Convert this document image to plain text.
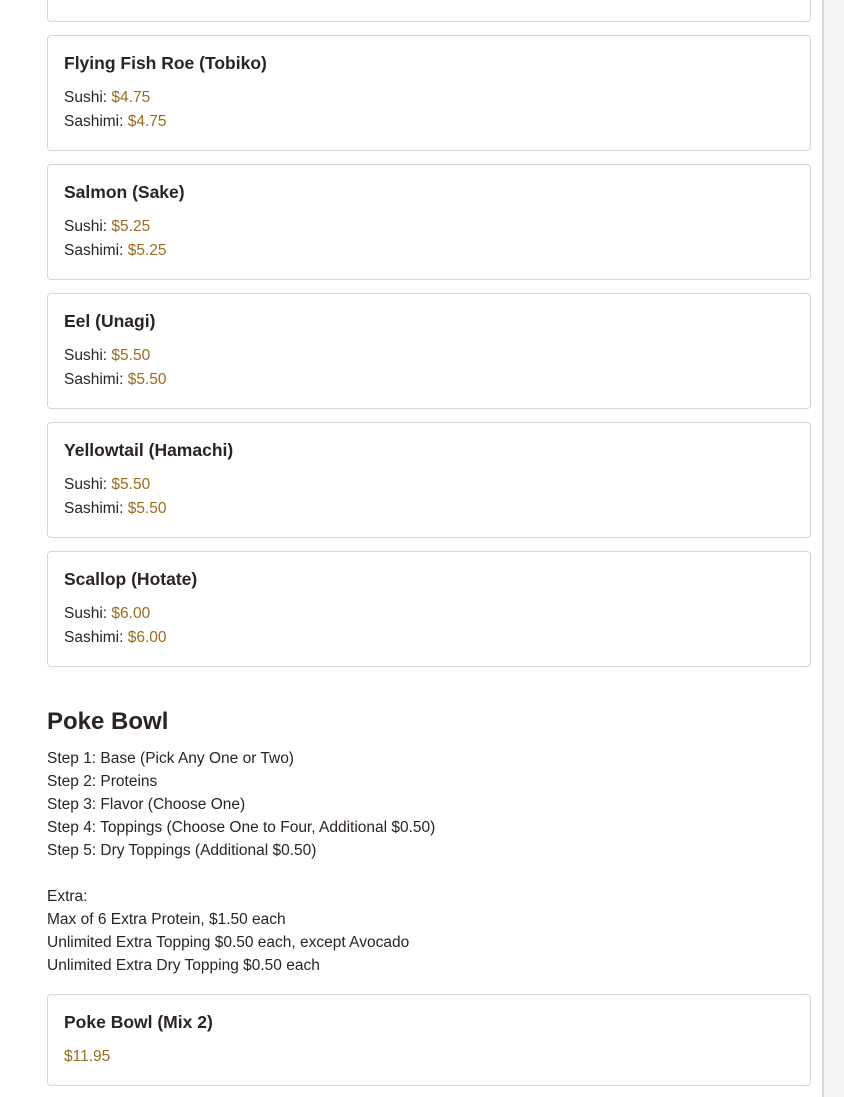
Flying Fish Roe (Tobiko)
Sushi: $4.75
Sashimi: $4.75
Salmon (Sake)
Sushi: $5.25
Sashimi: $5.25
Eel (Unagi)
Sushi: $5.50
Sashimi: $5.50
Yellowtail (Hamachi)
Sushi: $5.50
Sashimi: $5.50
Scallop (Hotate)
Sushi: $6.00
Sashimi: $6.00
Poke Bowl
Step 1: Base (Pick Any One or Two)
Step 2: Proteins
Step 3: Flavor (Choose One)
Step 4: Toppings (Choose One to Four, Additional $0.50)
Step 5: Dry Toppings (Additional $0.50)
Extra:
Max of 6 Extra Protein, $1.50 each
Unlimited Extra Topping $0.50 each, except Avocado
Unlimited Extra Dry Topping $0.50 each
Poke Bowl (Mix 2)
$11.95
